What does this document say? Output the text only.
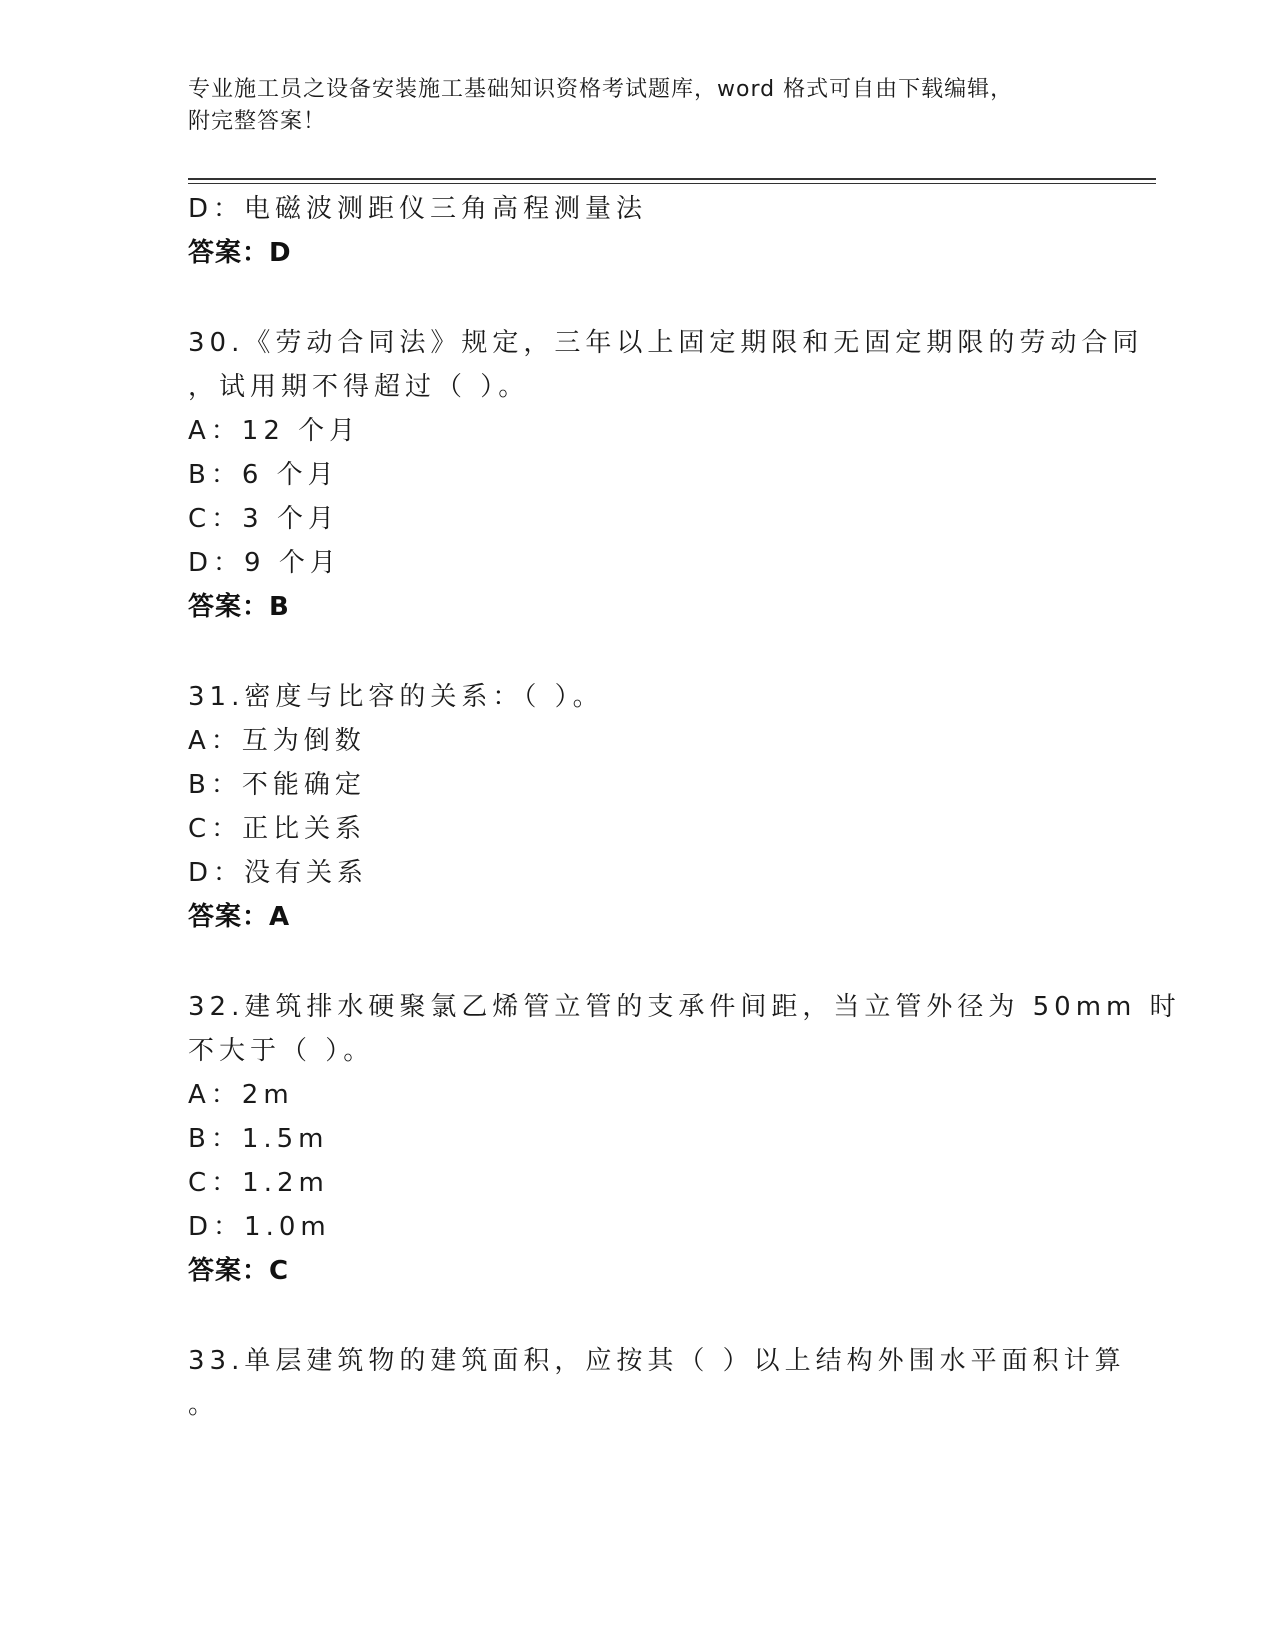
专业施工员之设备安装施工基础知识资格考试题库，word 格式可自由下载编辑，
附完整答案！
D：电磁波测距仪三角高程测量法
答案：D
30.《劳动合同法》规定，三年以上固定期限和无固定期限的劳动合同
，试用期不得超过（ ）。
A：12 个月
B：6 个月
C：3 个月
D：9 个月
答案：B
31.密度与比容的关系：（ ）。
A：互为倒数
B：不能确定
C：正比关系
D：没有关系
答案：A
32.建筑排水硬聚氯乙烯管立管的支承件间距，当立管外径为 50mm 时
不大于（ ）。
A：2m
B：1.5m
C：1.2m
D：1.0m
答案：C
33.单层建筑物的建筑面积，应按其（ ）以上结构外围水平面积计算
。
